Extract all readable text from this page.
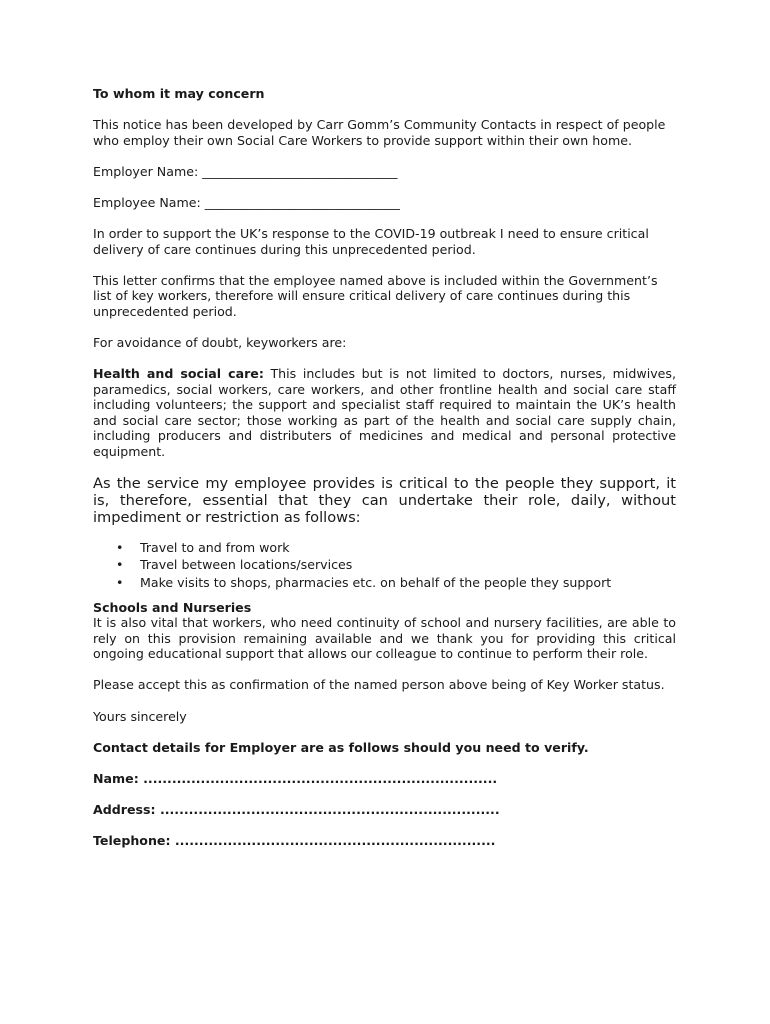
To whom it may concern

This notice has been developed by Carr Gomm’s Community Contacts in respect of people who employ their own Social Care Workers to provide support within their own home.

Employer Name: _______________________________

Employee Name: _______________________________

In order to support the UK’s response to the COVID-19 outbreak I need to ensure critical delivery of care continues during this unprecedented period.

This letter confirms that the employee named above is included within the Government’s list of key workers, therefore will ensure critical delivery of care continues during this unprecedented period.

For avoidance of doubt, keyworkers are:

Health and social care: This includes but is not limited to doctors, nurses, midwives, paramedics, social workers, care workers, and other frontline health and social care staff including volunteers; the support and specialist staff required to maintain the UK’s health and social care sector; those working as part of the health and social care supply chain, including producers and distributers of medicines and medical and personal protective equipment.

As the service my employee provides is critical to the people they support, it is, therefore, essential that they can undertake their role, daily, without impediment or restriction as follows:

• Travel to and from work
• Travel between locations/services
• Make visits to shops, pharmacies etc. on behalf of the people they support

Schools and Nurseries

It is also vital that workers, who need continuity of school and nursery facilities, are able to rely on this provision remaining available and we thank you for providing this critical ongoing educational support that allows our colleague to continue to perform their role.

Please accept this as confirmation of the named person above being of Key Worker status.

Yours sincerely

Contact details for Employer are as follows should you need to verify.

Name: ..........................................................................

Address: .......................................................................

Telephone: ...................................................................
